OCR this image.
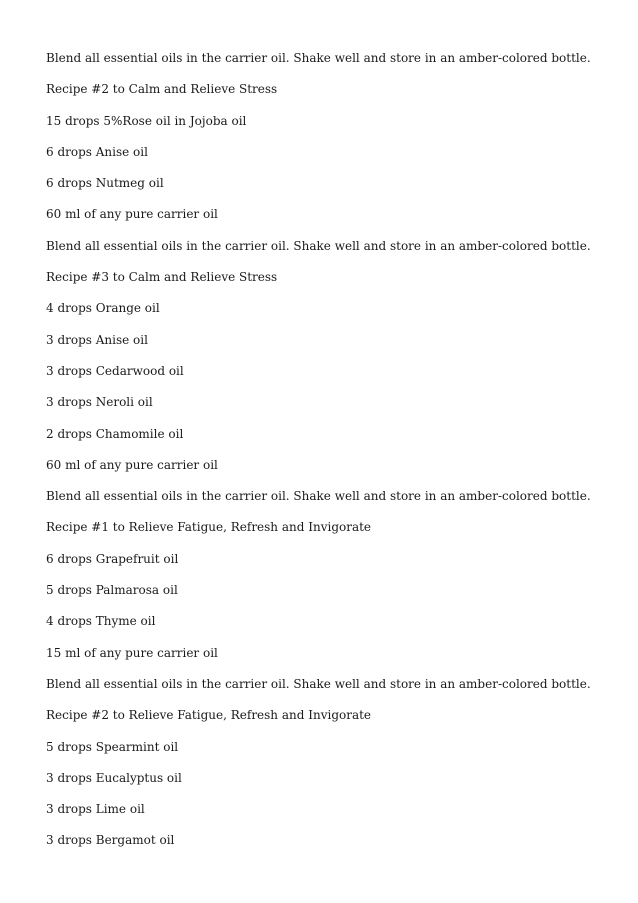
Blend all essential oils in the carrier oil. Shake well and store in an amber-colored bottle.

Recipe #2 to Calm and Relieve Stress

15 drops 5%Rose oil in Jojoba oil

6 drops Anise oil

6 drops Nutmeg oil

60 ml of any pure carrier oil

Blend all essential oils in the carrier oil. Shake well and store in an amber-colored bottle.

Recipe #3 to Calm and Relieve Stress

4 drops Orange oil

3 drops Anise oil

3 drops Cedarwood oil

3 drops Neroli oil

2 drops Chamomile oil

60 ml of any pure carrier oil

Blend all essential oils in the carrier oil. Shake well and store in an amber-colored bottle.

Recipe #1 to Relieve Fatigue, Refresh and Invigorate

6 drops Grapefruit oil

5 drops Palmarosa oil

4 drops Thyme oil

15 ml of any pure carrier oil

Blend all essential oils in the carrier oil. Shake well and store in an amber-colored bottle.

Recipe #2 to Relieve Fatigue, Refresh and Invigorate

5 drops Spearmint oil

3 drops Eucalyptus oil

3 drops Lime oil

3 drops Bergamot oil
